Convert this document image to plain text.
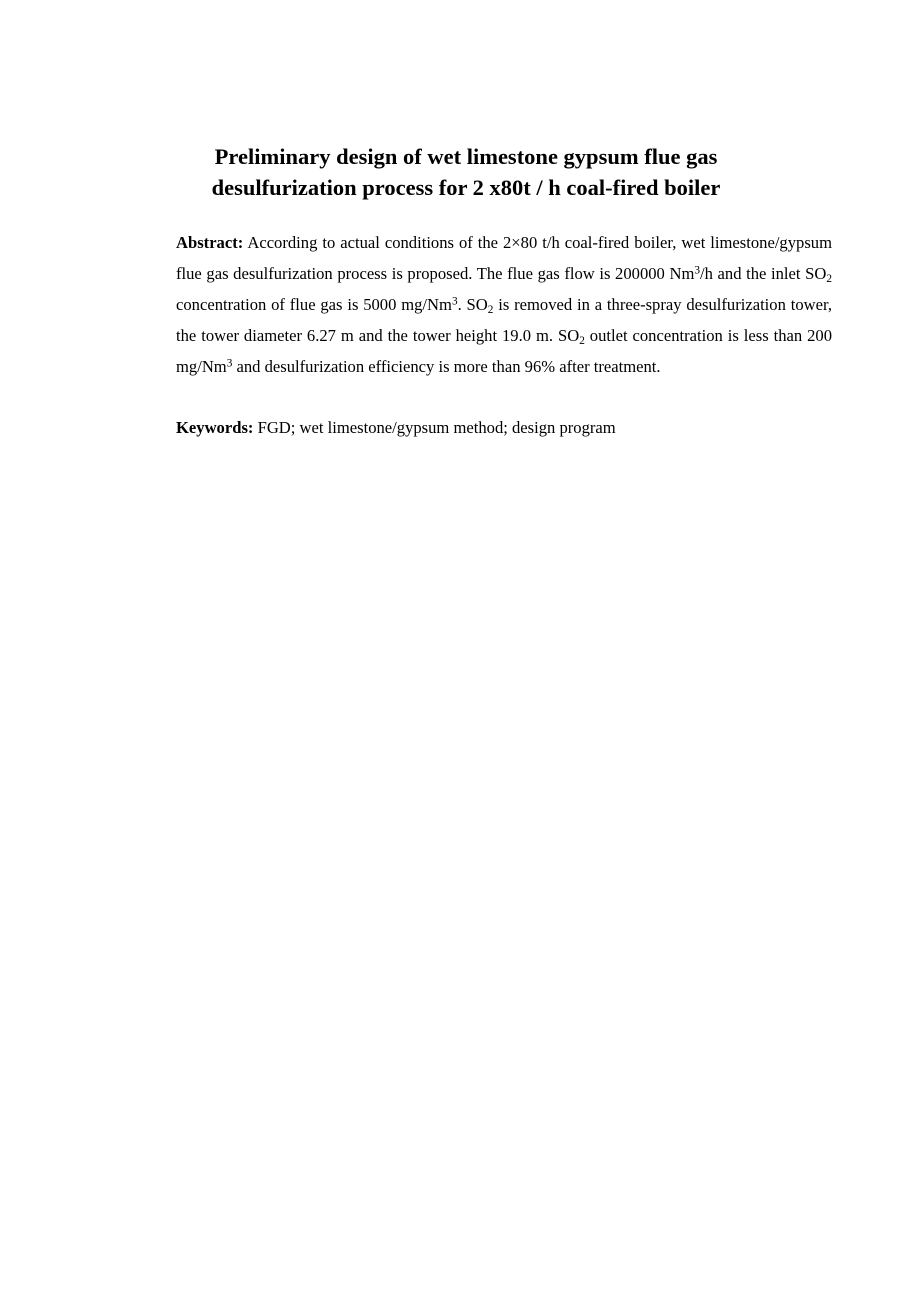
Preliminary design of wet limestone gypsum flue gas
desulfurization process for 2 x80t / h coal-fired boiler
Abstract: According to actual conditions of the 2×80 t/h coal-fired boiler, wet limestone/gypsum flue gas desulfurization process is proposed. The flue gas flow is 200000 Nm$^3$/h and the inlet $SO_2$ concentration of flue gas is 5000 mg/Nm$^3$. $SO_2$ is removed in a three-spray desulfurization tower, the tower diameter 6.27 m and the tower height 19.0 m. $SO_2$ outlet concentration is less than 200 mg/Nm$^3$ and desulfurization efficiency is more than 96% after treatment.
Keywords: FGD; wet limestone/gypsum method; design program
